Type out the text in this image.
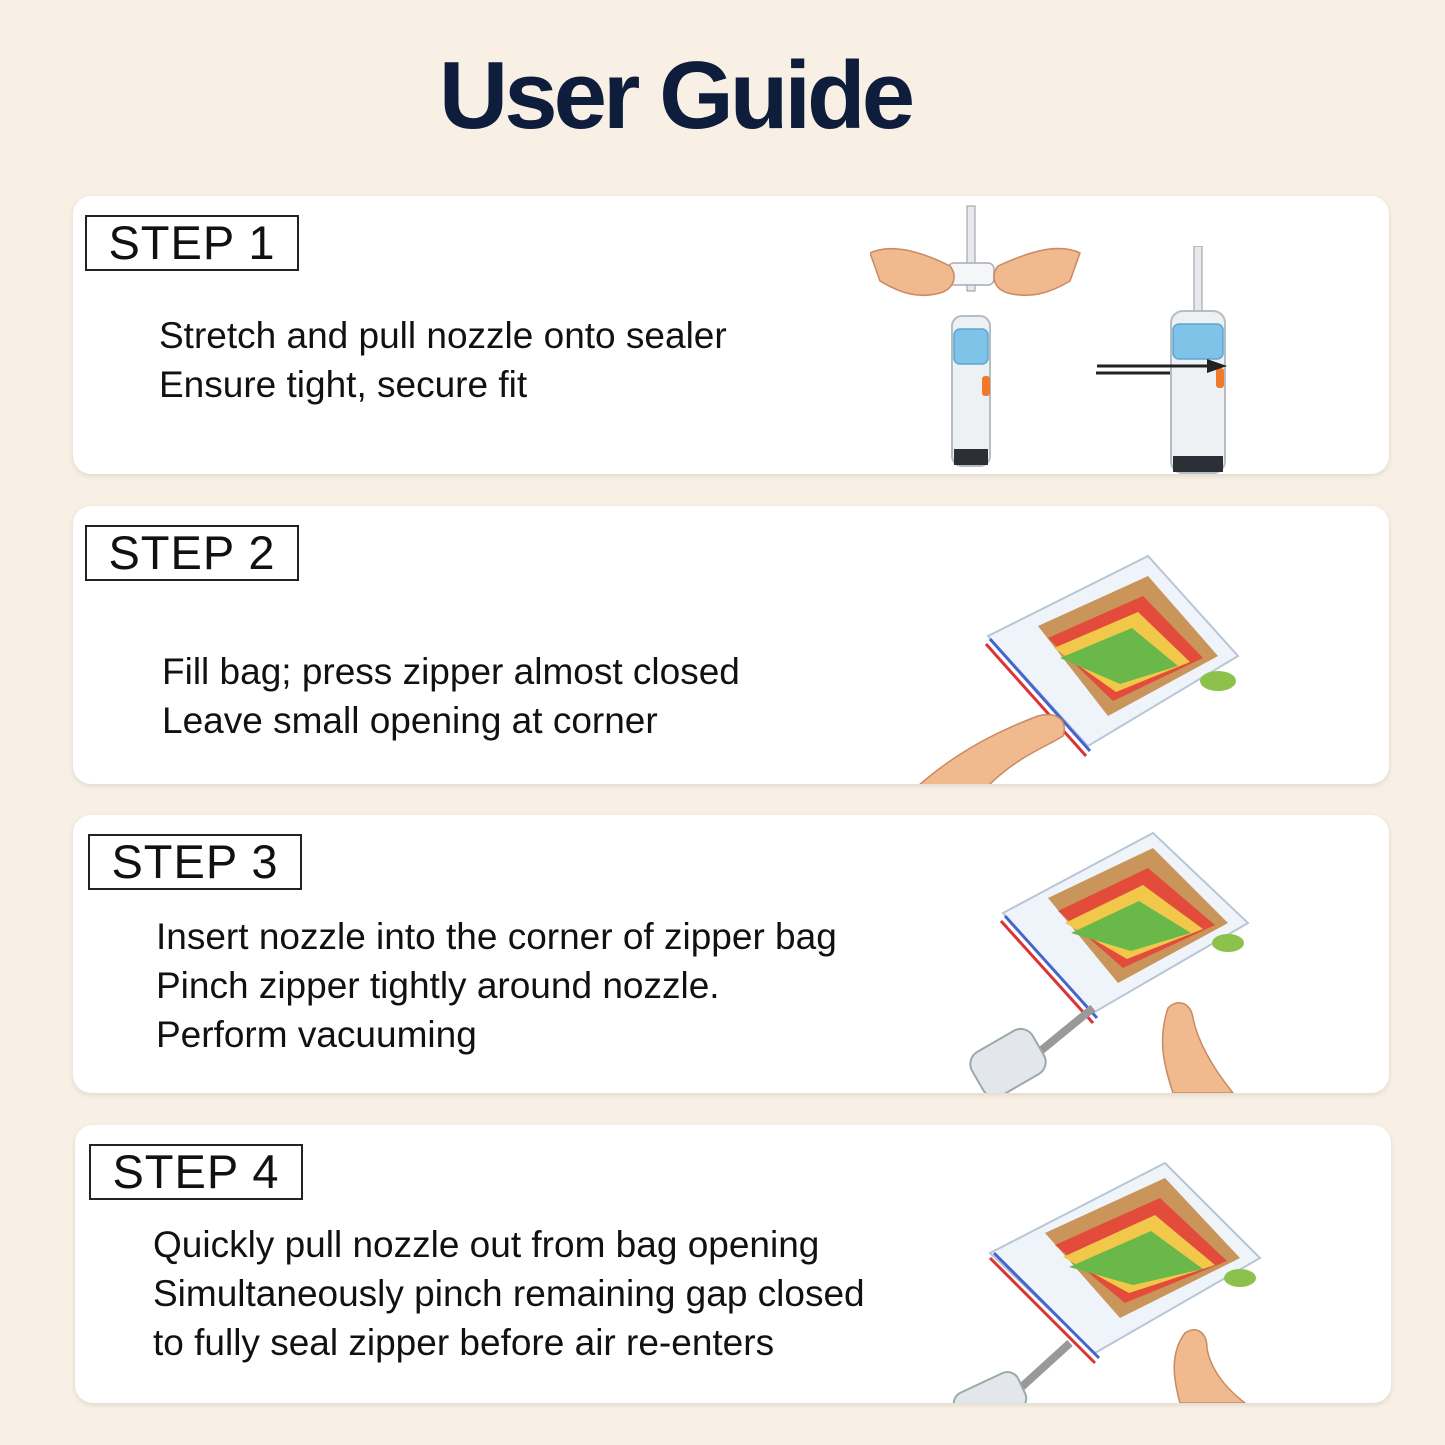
User Guide
STEP 1
Stretch and pull nozzle onto sealer
Ensure tight, secure fit
STEP 2
Fill bag; press zipper almost closed
Leave small opening at corner
STEP 3
Insert nozzle into the corner of zipper bag
Pinch zipper tightly around nozzle.
Perform vacuuming
STEP 4
Quickly pull nozzle out from bag opening
Simultaneously pinch remaining gap closed
to fully seal zipper before air re-enters
